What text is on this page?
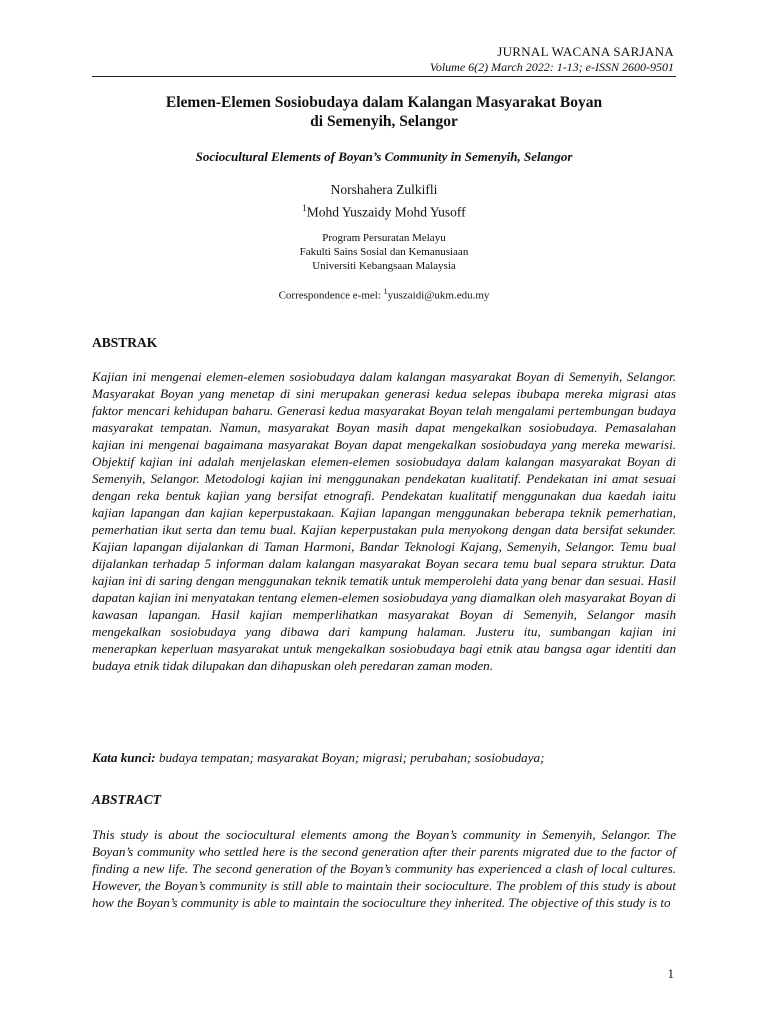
JURNAL WACANA SARJANA
Volume 6(2) March 2022: 1-13; e-ISSN 2600-9501
Elemen-Elemen Sosiobudaya dalam Kalangan Masyarakat Boyan
di Semenyih, Selangor
Sociocultural Elements of Boyan’s Community in Semenyih, Selangor
Norshahera Zulkifli
$^1$Mohd Yuszaidy Mohd Yusoff
Program Persuratan Melayu
Fakulti Sains Sosial dan Kemanusiaan
Universiti Kebangsaan Malaysia
Correspondence e-mel: $^1$yuszaidi@ukm.edu.my
ABSTRAK

Kajian ini mengenai elemen-elemen sosiobudaya dalam kalangan masyarakat Boyan di Semenyih, Selangor. Masyarakat Boyan yang menetap di sini merupakan generasi kedua selepas ibubapa mereka migrasi atas faktor mencari kehidupan baharu. Generasi kedua masyarakat Boyan telah mengalami pertembungan budaya masyarakat tempatan. Namun, masyarakat Boyan masih dapat mengekalkan sosiobudaya. Pemasalahan kajian ini mengenai bagaimana masyarakat Boyan dapat mengekalkan sosiobudaya yang mereka mewarisi. Objektif kajian ini adalah menjelaskan elemen-elemen sosiobudaya dalam kalangan masyarakat Boyan di Semenyih, Selangor. Metodologi kajian ini menggunakan pendekatan kualitatif. Pendekatan ini amat sesuai dengan reka bentuk kajian yang bersifat etnografi. Pendekatan kualitatif menggunakan dua kaedah iaitu kajian lapangan dan kajian keperpustakaan. Kajian lapangan menggunakan beberapa teknik pemerhatian, pemerhatian ikut serta dan temu bual. Kajian keperpustakan pula menyokong dengan data bersifat sekunder. Kajian lapangan dijalankan di Taman Harmoni, Bandar Teknologi Kajang, Semenyih, Selangor. Temu bual dijalankan terhadap 5 informan dalam kalangan masyarakat Boyan secara temu bual separa struktur. Data kajian ini di saring dengan menggunakan teknik tematik untuk memperolehi data yang benar dan sesuai. Hasil dapatan kajian ini menyatakan tentang elemen-elemen sosiobudaya yang diamalkan oleh masyarakat Boyan di kawasan lapangan. Hasil kajian memperlihatkan masyarakat Boyan di Semenyih, Selangor masih mengekalkan sosiobudaya yang dibawa dari kampung halaman. Justeru itu, sumbangan kajian ini menerapkan keperluan masyarakat untuk mengekalkan sosiobudaya bagi etnik atau bangsa agar identiti dan budaya etnik tidak dilupakan dan dihapuskan oleh peredaran zaman moden.

Kata kunci: budaya tempatan; masyarakat Boyan; migrasi; perubahan; sosiobudaya;
ABSTRACT

This study is about the sociocultural elements among the Boyan’s community in Semenyih, Selangor. The Boyan’s community who settled here is the second generation after their parents migrated due to the factor of finding a new life. The second generation of the Boyan’s community has experienced a clash of local cultures. However, the Boyan’s community is still able to maintain their socioculture. The problem of this study is about how the Boyan’s community is able to maintain the socioculture they inherited. The objective of this study is to

1
